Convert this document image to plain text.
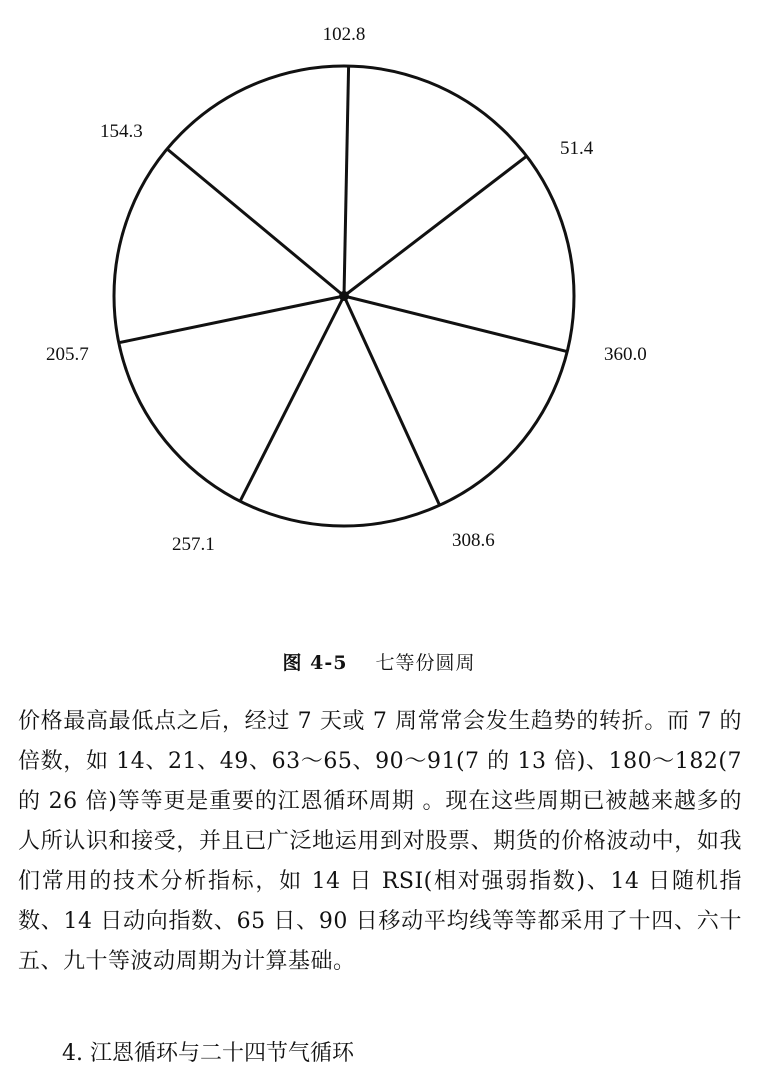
360.0
51.4
102.8
154.3
205.7
257.1	308.6
图 4-5 七等份圆周

价格最高最低点之后，经过 7 天或 7 周常常会发生趋势的转折。而 7 的倍数，如 14、21、49、63～65、90～91(7 的 13 倍)、180～182(7 的 26 倍)等等更是重要的江恩循环周期 。现在这些周期已被越来越多的人所认识和接受，并且已广泛地运用到对股票、期货的价格波动中，如我们常用的技术分析指标，如 14 日 RSI(相对强弱指数)、14 日随机指数、14 日动向指数、65 日、90 日移动平均线等等都采用了十四、六十五、九十等波动周期为计算基础。

4. 江恩循环与二十四节气循环
